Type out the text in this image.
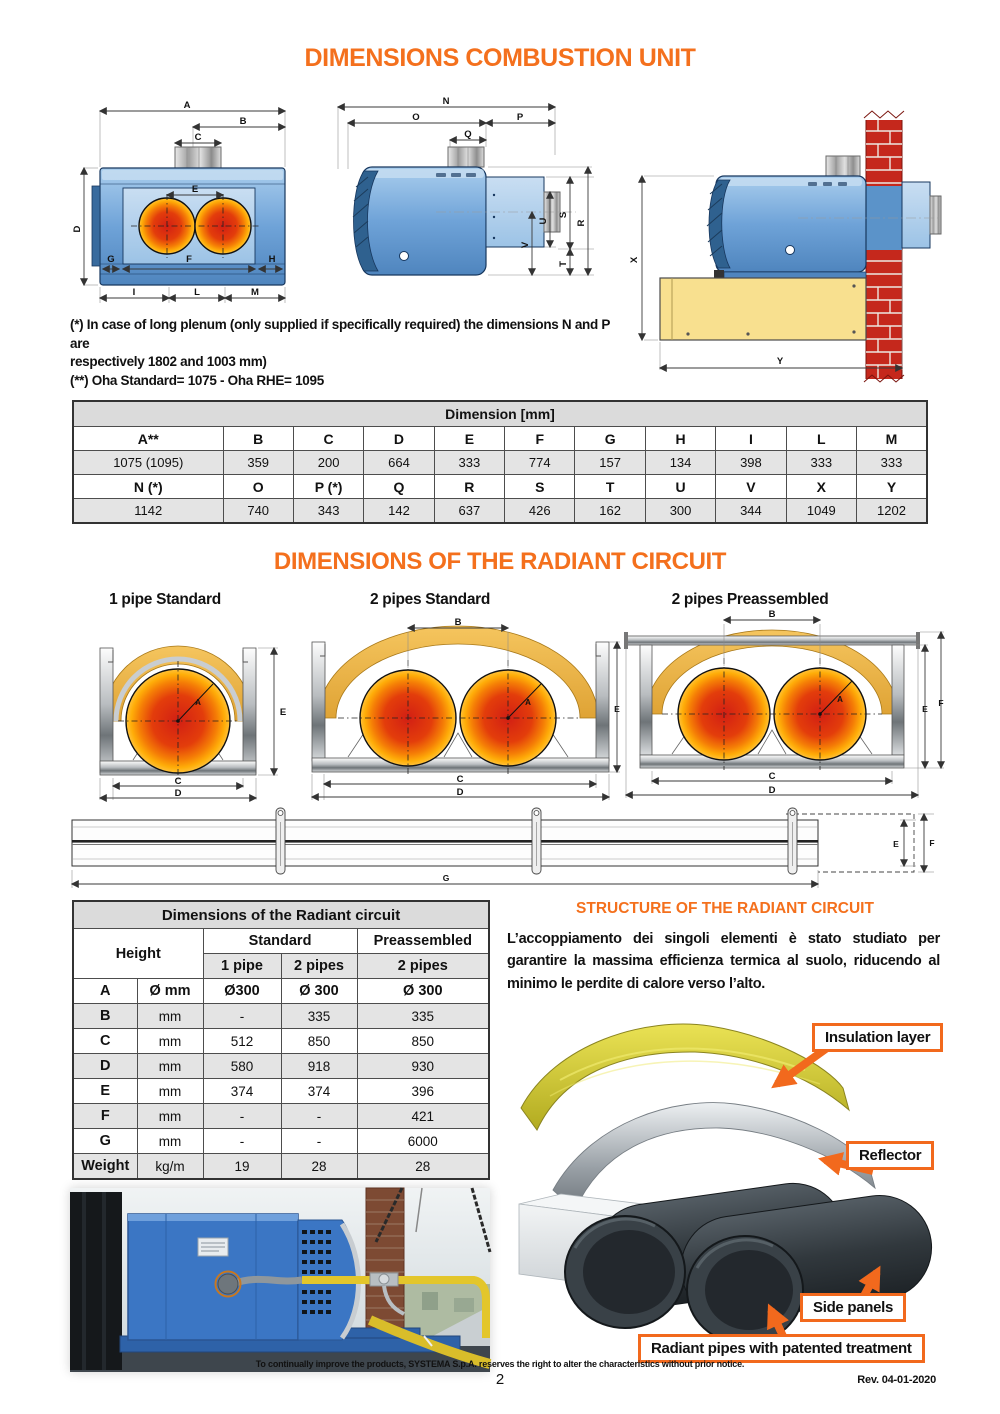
DIMENSIONS COMBUSTION UNIT
DIMENSIONS OF THE RADIANT CIRCUIT
A
B
C
E
G	F	H
D
I	L	M
N
O	P
Q
V
U
S
T
R
X
Y
(*) In case of long plenum (only supplied if specifically required) the dimensions N and P are
respectively 1802 and 1003 mm)
(**) Oha Standard= 1075 - Oha RHE= 1095
Dimension [mm]										
A**	B	C	D	E	F	G	H	I	L	M
1075 (1095)	359	200	664	333	774	157	134	398	333	333
N (*)	O	P (*)	Q	R	S	T	U	V	X	Y
1142	740	343	142	637	426	162	300	344	1049	1202
1 pipe Standard	2 pipes Standard	2 pipes Preassembled
A
E
C
D
B
A
E
C
D
A
B
E
F
C
D
E	F
G
Dimensions of the Radiant circuit				
Height		Standard		Preassembled
		1 pipe	2 pipes	2 pipes
A	Ø mm	Ø300	Ø 300	Ø 300
B	mm	-	335	335
C	mm	512	850	850
D	mm	580	918	930
E	mm	374	374	396
F	mm	-	-	421
G	mm	-	-	6000
Weight	kg/m	19	28	28
STRUCTURE OF THE RADIANT CIRCUIT
L’accoppiamento dei singoli elementi è stato studiato per garantire la massima efficienza termica al suolo, riducendo al minimo le perdite di calore verso l’alto.
Insulation layer
Reflector
Side panels
Radiant pipes with patented treatment
To continually improve the products, SYSTEMA S.p.A. reserves the right to alter the characteristics without prior notice.
2	Rev. 04-01-2020
